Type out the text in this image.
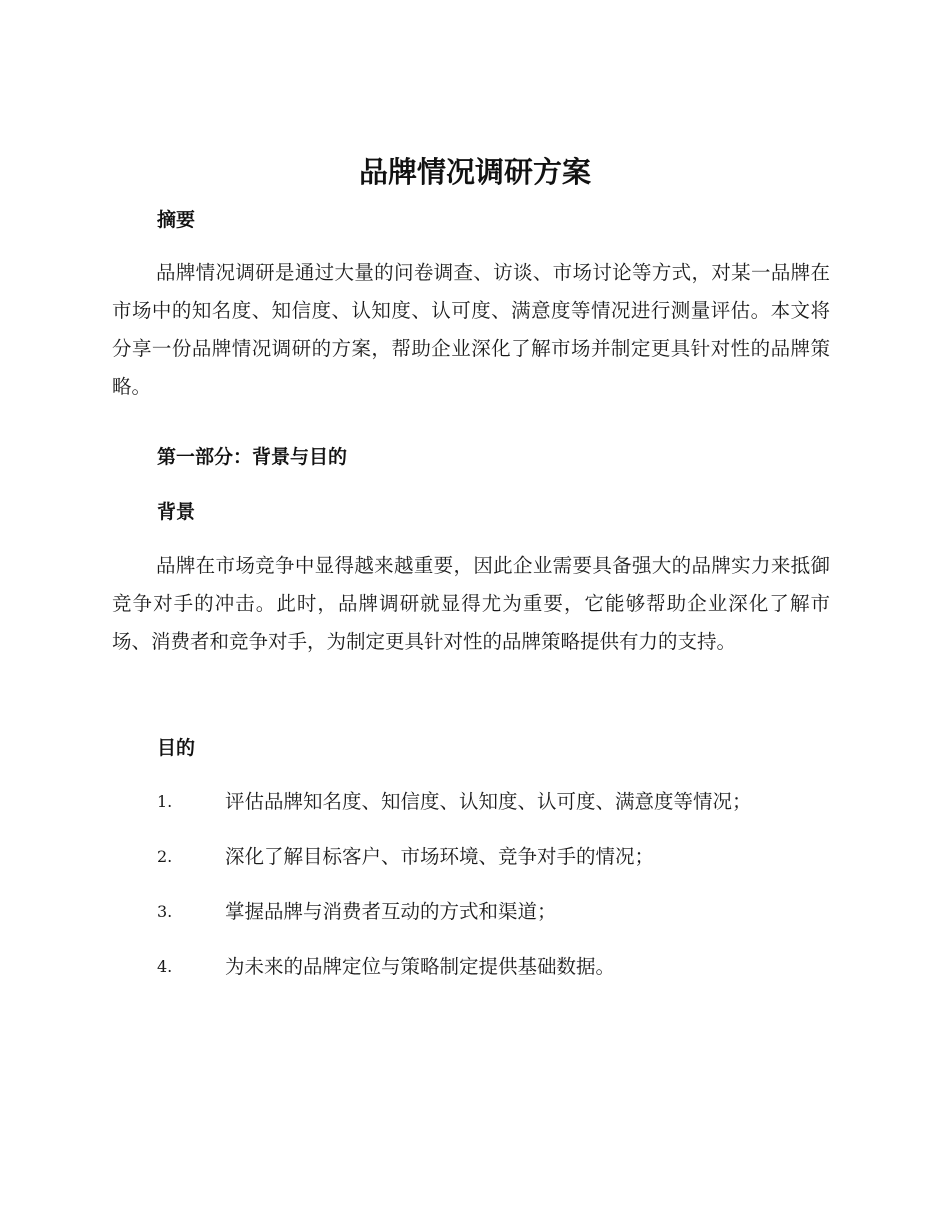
品牌情况调研方案
摘要

品牌情况调研是通过大量的问卷调查、访谈、市场讨论等方式，对某一品牌在市场中的知名度、知信度、认知度、认可度、满意度等情况进行测量评估。本文将分享一份品牌情况调研的方案，帮助企业深化了解市场并制定更具针对性的品牌策略。

第一部分：背景与目的
背景

品牌在市场竞争中显得越来越重要，因此企业需要具备强大的品牌实力来抵御竞争对手的冲击。此时，品牌调研就显得尤为重要，它能够帮助企业深化了解市场、消费者和竞争对手，为制定更具针对性的品牌策略提供有力的支持。

目的
1.	评估品牌知名度、知信度、认知度、认可度、满意度等情况；
2.	深化了解目标客户、市场环境、竞争对手的情况；
3.	掌握品牌与消费者互动的方式和渠道；
4.	为未来的品牌定位与策略制定提供基础数据。
